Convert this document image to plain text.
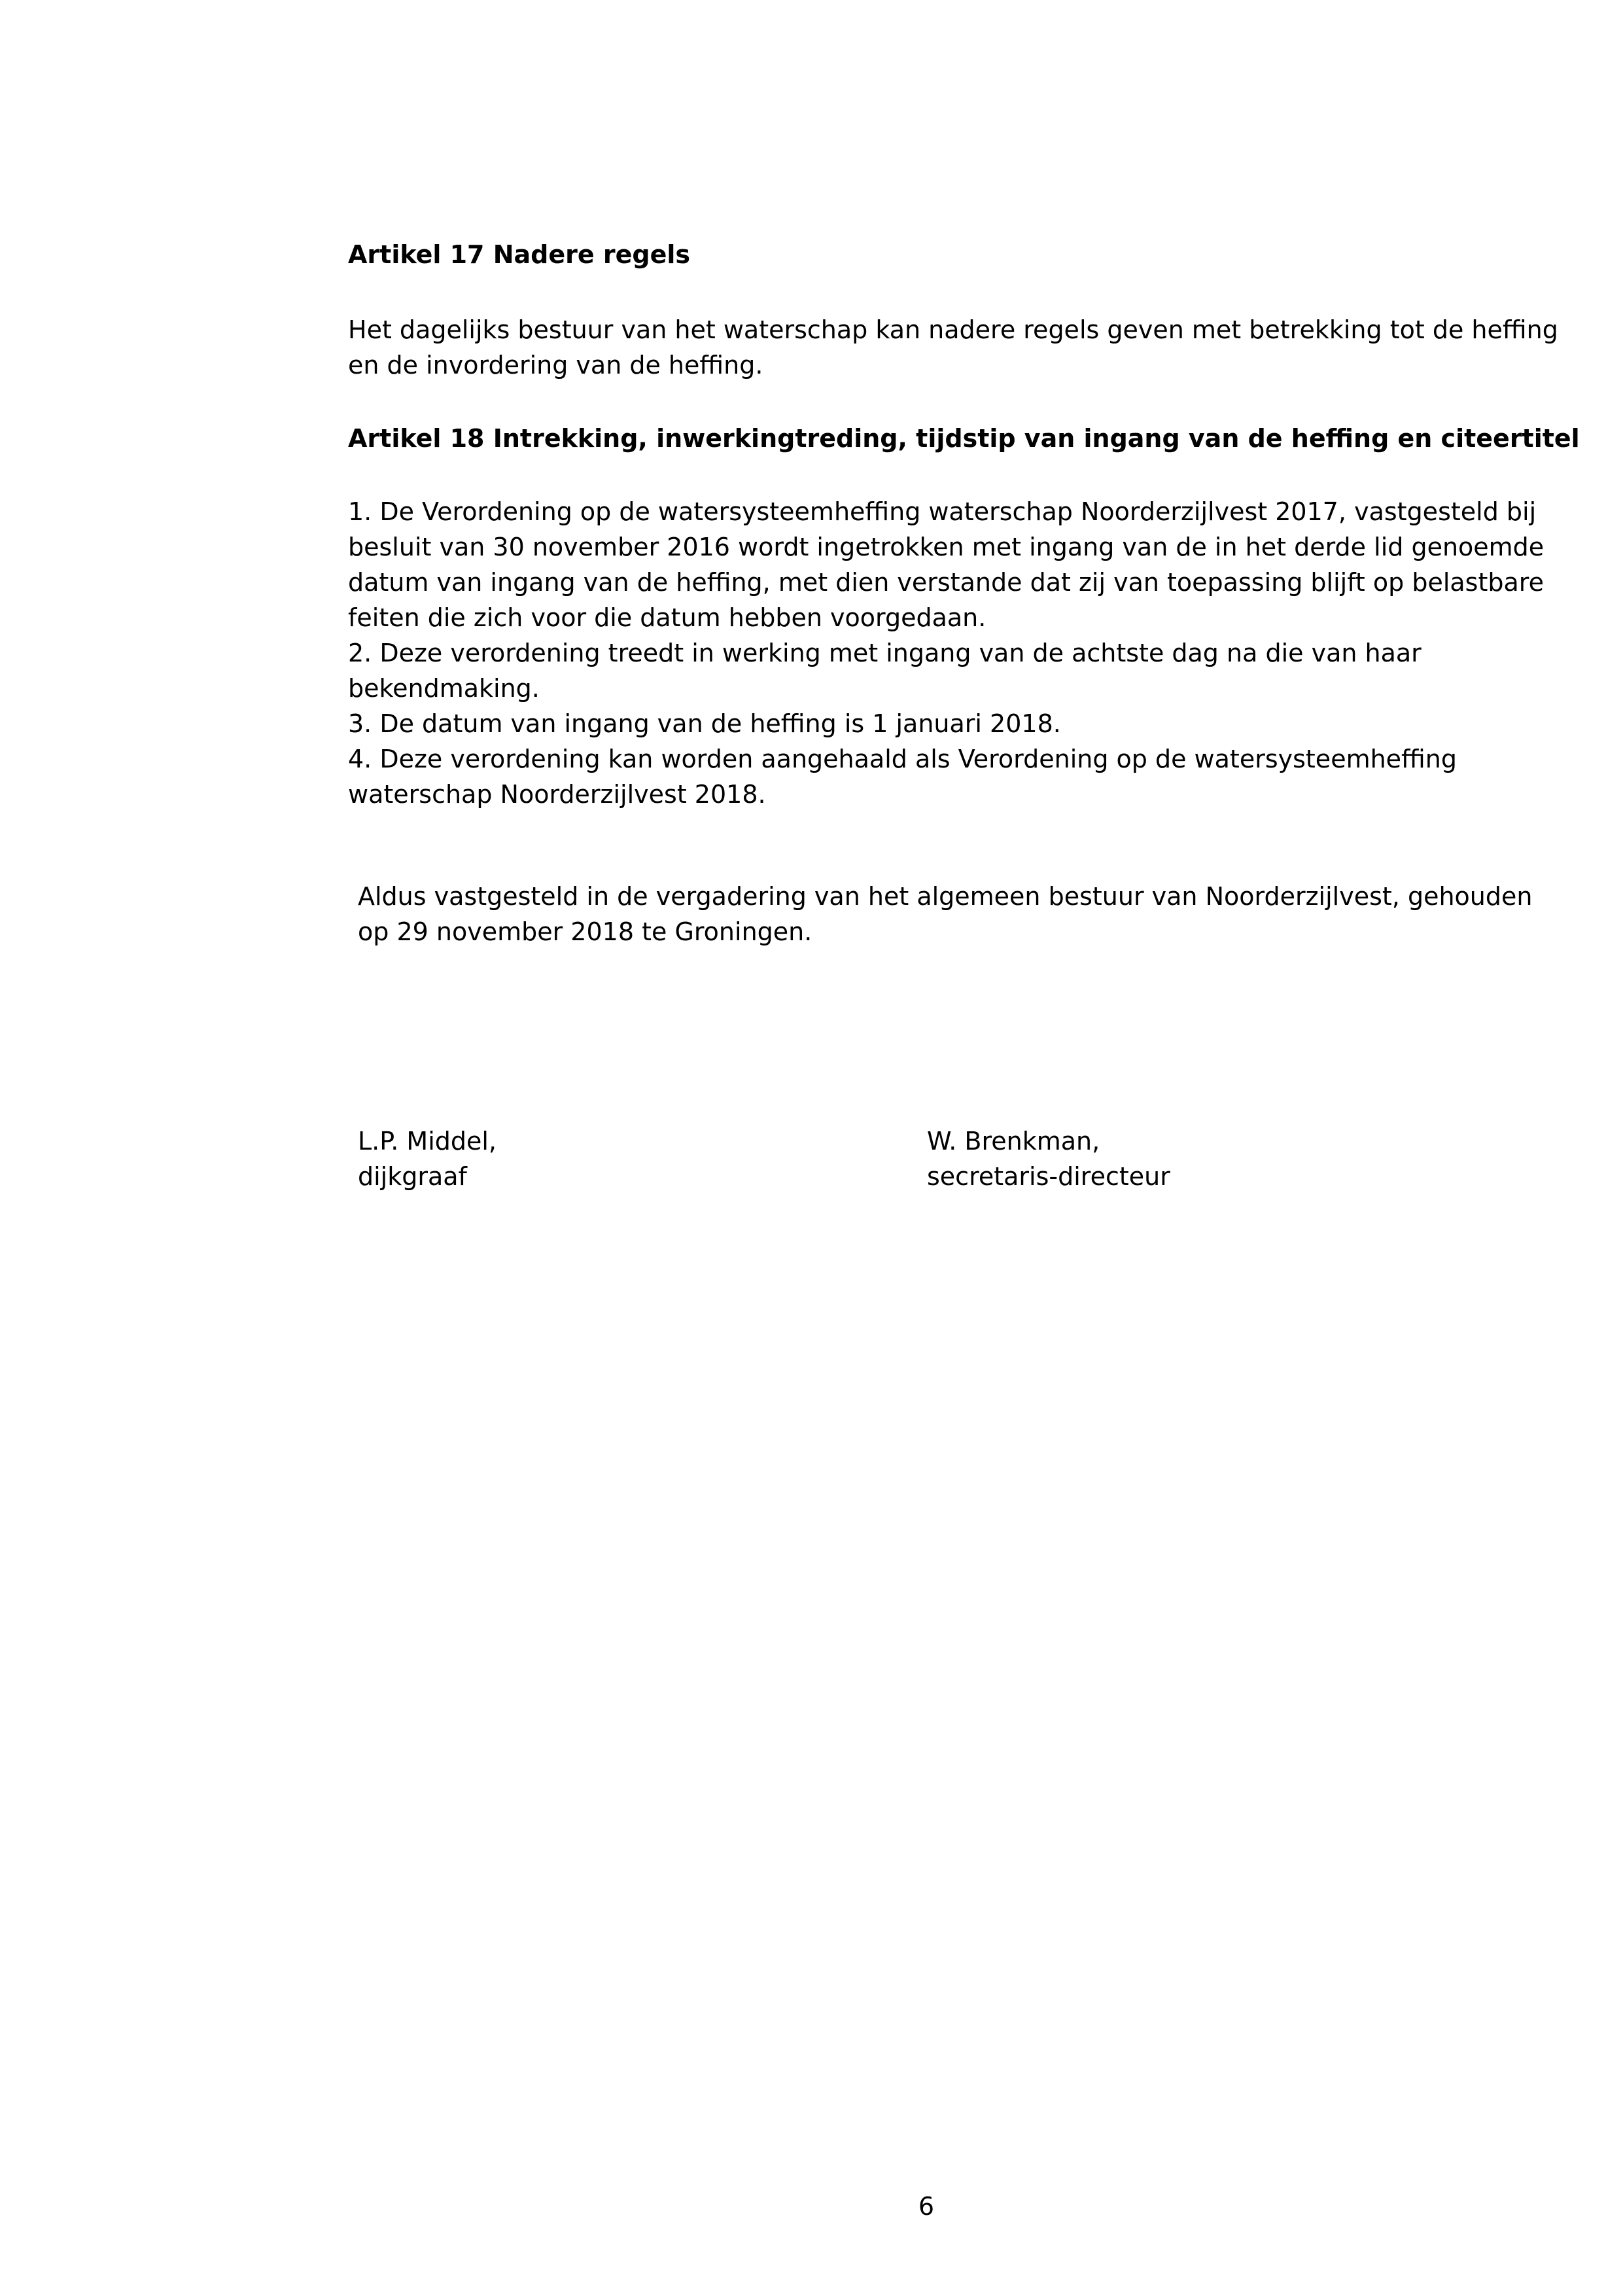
Artikel 17 Nadere regels
Het dagelijks bestuur van het waterschap kan nadere regels geven met betrekking tot de heffing
en de invordering van de heffing.
Artikel 18 Intrekking, inwerkingtreding, tijdstip van ingang van de heffing en citeertitel
1. De Verordening op de watersysteemheffing waterschap Noorderzijlvest 2017, vastgesteld bij
besluit van 30 november 2016 wordt ingetrokken met ingang van de in het derde lid genoemde
datum van ingang van de heffing, met dien verstande dat zij van toepassing blijft op belastbare
feiten die zich voor die datum hebben voorgedaan.
2. Deze verordening treedt in werking met ingang van de achtste dag na die van haar
bekendmaking.
3. De datum van ingang van de heffing is 1 januari 2018.
4. Deze verordening kan worden aangehaald als Verordening op de watersysteemheffing
waterschap Noorderzijlvest 2018.
Aldus vastgesteld in de vergadering van het algemeen bestuur van Noorderzijlvest, gehouden
op 29 november 2018 te Groningen.
L.P. Middel,
dijkgraaf
W. Brenkman,
secretaris-directeur
6
